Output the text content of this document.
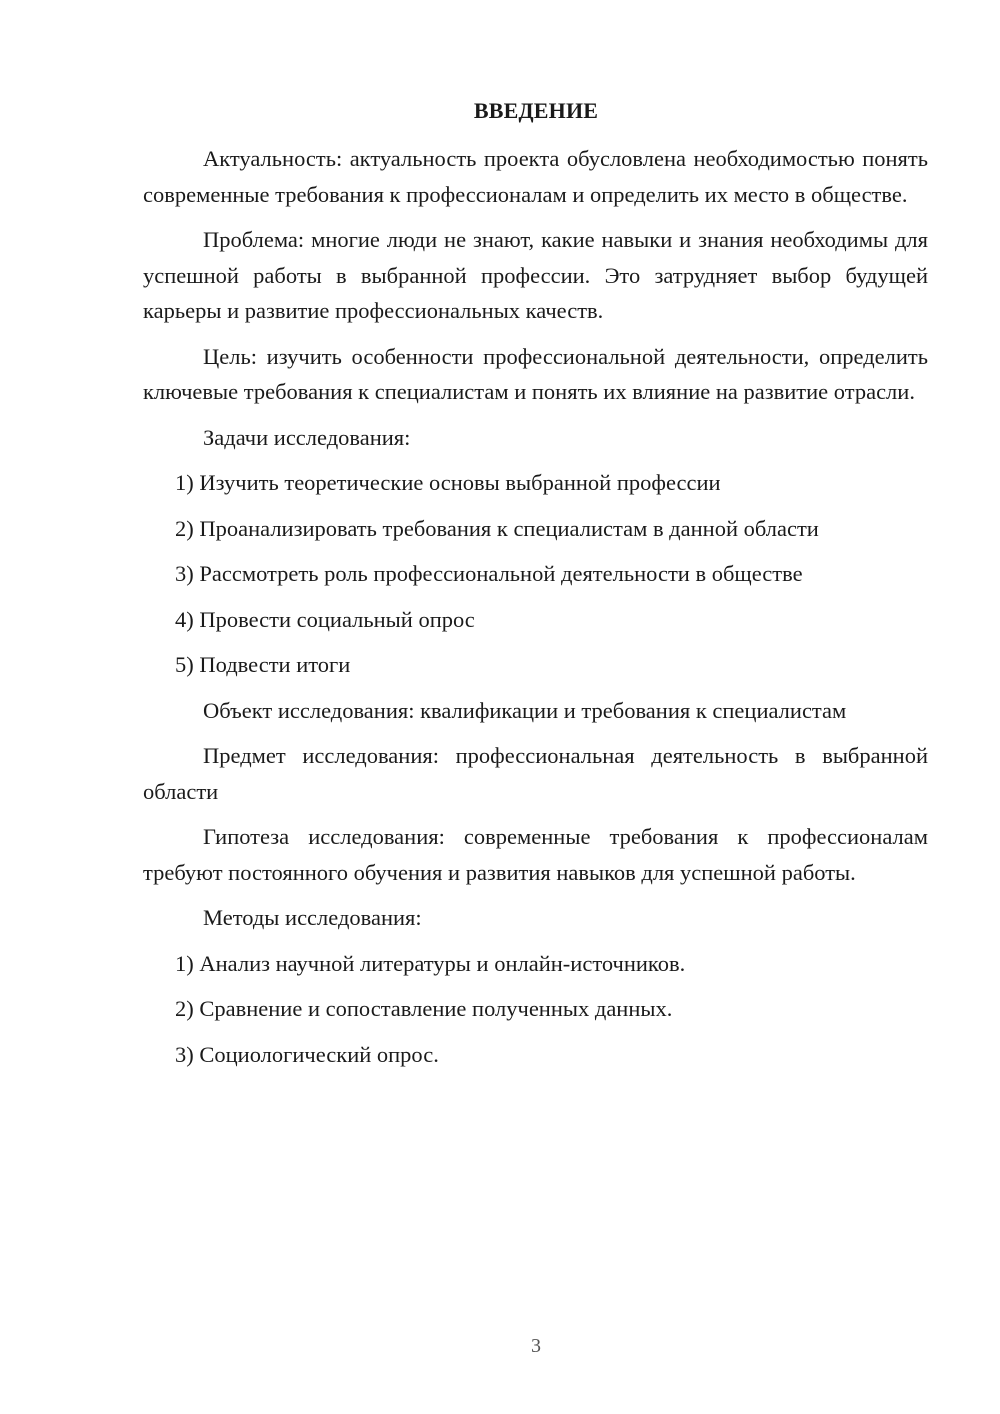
ВВЕДЕНИЕ

Актуальность: актуальность проекта обусловлена необходимостью понять современные требования к профессионалам и определить их место в обществе.

Проблема: многие люди не знают, какие навыки и знания необходимы для успешной работы в выбранной профессии. Это затрудняет выбор будущей карьеры и развитие профессиональных качеств.

Цель: изучить особенности профессиональной деятельности, определить ключевые требования к специалистам и понять их влияние на развитие отрасли.

Задачи исследования:

1) Изучить теоретические основы выбранной профессии
2) Проанализировать требования к специалистам в данной области
3) Рассмотреть роль профессиональной деятельности в обществе
4) Провести социальный опрос
5) Подвести итоги

Объект исследования: квалификации и требования к специалистам

Предмет исследования: профессиональная деятельность в выбранной области

Гипотеза исследования: современные требования к профессионалам требуют постоянного обучения и развития навыков для успешной работы.

Методы исследования:

1) Анализ научной литературы и онлайн-источников.
2) Сравнение и сопоставление полученных данных.
3) Социологический опрос.
3
